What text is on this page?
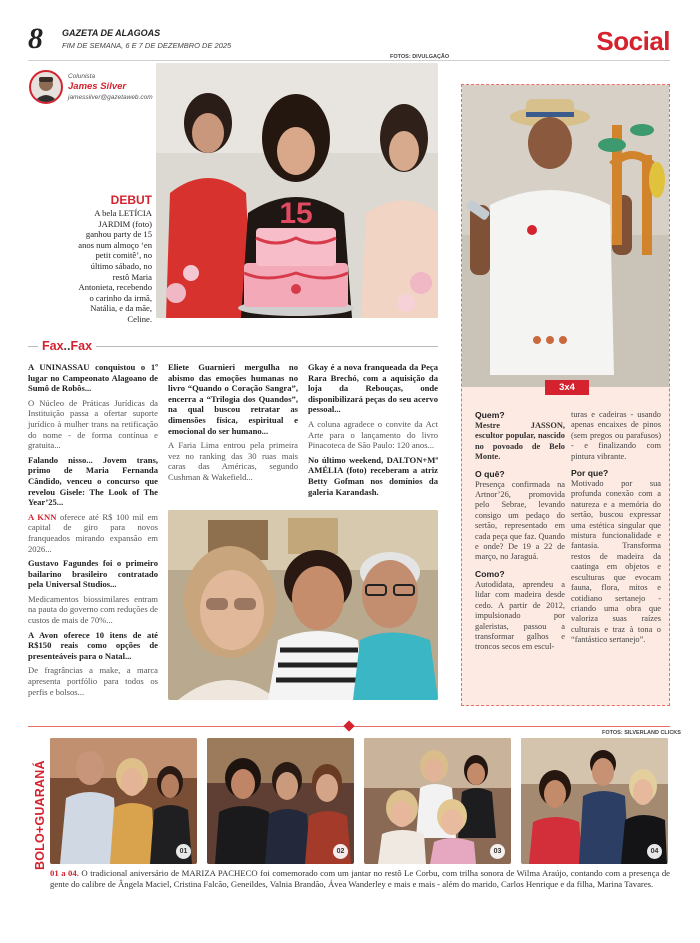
8 GAZETA DE ALAGOAS
FIM DE SEMANA, 6 E 7 DE DEZEMBRO DE 2025	Social
FOTOS: DIVULGAÇÃO
Colunista
James Silver
jamessilver@gazetaweb.com
15
DEBUT
A bela LETÍCIA JARDIM (foto) ganhou party de 15 anos num almoço ‘en petit comitê’, no último sábado, no restô Maria Antonieta, recebendo o carinho da irmã, Natália, e da mãe, Celine.
Fax..Fax

A UNINASSAU conquistou o 1º lugar no Campeonato Alagoano de Sumô de Robôs...

O Núcleo de Práticas Jurídicas da Instituição passa a ofertar suporte jurídico à mulher trans na retificação do nome - de forma contínua e gratuita...

Falando nisso... Jovem trans, primo de Maria Fernanda Cândido, venceu o concurso que revelou Gisele: The Look of The Year’25...

A KNN oferece até R$ 100 mil em capital de giro para novos franqueados mirando expansão em 2026...

Gustavo Fagundes foi o primeiro bailarino brasileiro contratado pela Universal Studios...

Medicamentos biossimilares entram na pauta do governo com reduções de custos de mais de 70%...

A Avon oferece 10 itens de até R$150 reais como opções de presenteáveis para o Natal...

De fragrâncias a make, a marca apresenta portfólio para todos os perfis e bolsos...

Eliete Guarnieri mergulha no abismo das emoções humanas no livro “Quando o Coração Sangra”, encerra a “Trilogia dos Quandos”, na qual buscou retratar as dimensões física, espiritual e emocional do ser humano...

A Faria Lima entrou pela primeira vez no ranking das 30 ruas mais caras das Américas, segundo Cushman & Wakefield...

Gkay é a nova franqueada da Peça Rara Brechó, com a aquisição da loja da Rebouças, onde disponibilizará peças do seu acervo pessoal...

A coluna agradece o convite da Act Arte para o lançamento do livro Pinacoteca de São Paulo: 120 anos...

No último weekend, DALTON+Mª AMÉLIA (foto) receberam a atriz Betty Gofman nos domínios da galeria Karandash.

3x4
Quem?

Mestre JASSON, escultor popular, nascido no povoado de Belo Monte.

O quê?

Presença confirmada na Artnor’26, promovida pelo Sebrae, levando consigo um pedaço do sertão, representado em cada peça que faz. Quando e onde? De 19 a 22 de março, no Jaraguá.

Como?

Autodidata, aprendeu a lidar com madeira desde cedo. A partir de 2012, impulsionado por galeristas, passou a transformar galhos e troncos secos em escul-

turas e cadeiras - usando apenas encaixes de pinos (sem pregos ou parafusos) - e finalizando com pintura vibrante.

Por que?

Motivado por sua profunda conexão com a natureza e a memória do sertão, buscou expressar uma estética singular que mistura funcionalidade e fantasia. Transforma restos de madeira da caatinga em objetos e esculturas que evocam fauna, flora, mitos e cotidiano sertanejo - criando uma obra que valoriza suas raízes culturais e traz à tona o “fantástico sertanejo”.

FOTOS: SILVERLAND CLICKS
BOLO+GUARANÁ	01	02	03	04
01 a 04. O tradicional aniversário de MARIZA PACHECO foi comemorado com um jantar no restô Le Corbu, com trilha sonora de Wilma Araújo, contando com a presença de gente do calibre de Ângela Maciel, Cristina Falcão, Geneildes, Valnia Brandão, Ávea Wanderley e mais e mais - além do marido, Carlos Henrique e da filha, Marina Tavares.
